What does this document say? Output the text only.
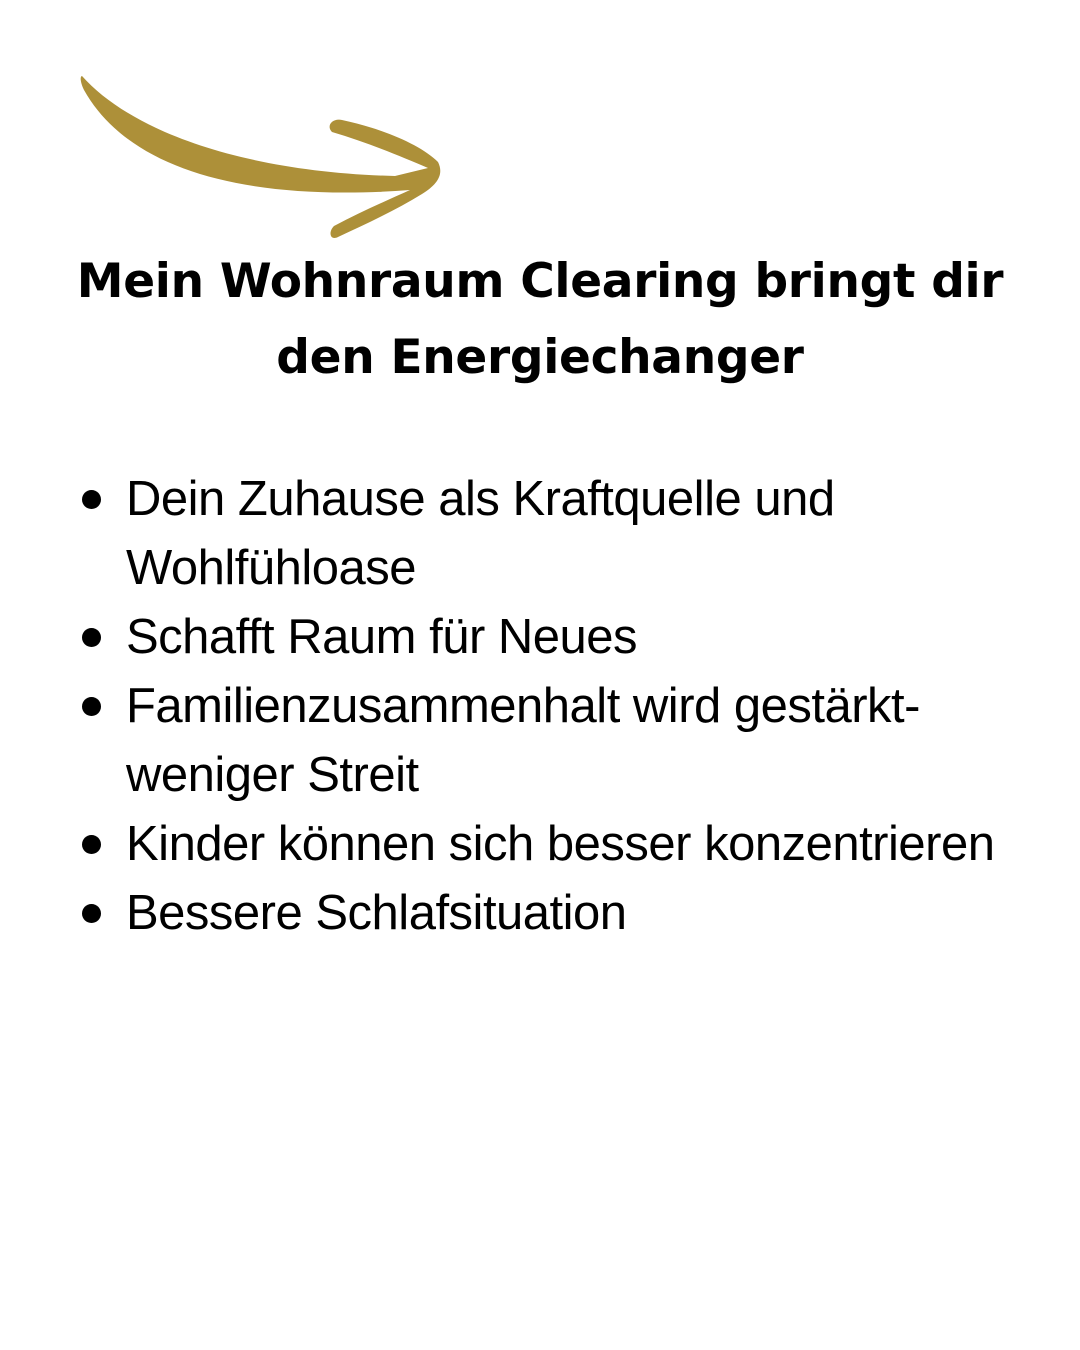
Mein Wohnraum Clearing bringt dir
den Energiechanger
Dein Zuhause als Kraftquelle und Wohlfühloase
Schafft Raum für Neues
Familienzusammenhalt wird gestärkt- weniger Streit
Kinder können sich besser konzentrieren
Bessere Schlafsituation
